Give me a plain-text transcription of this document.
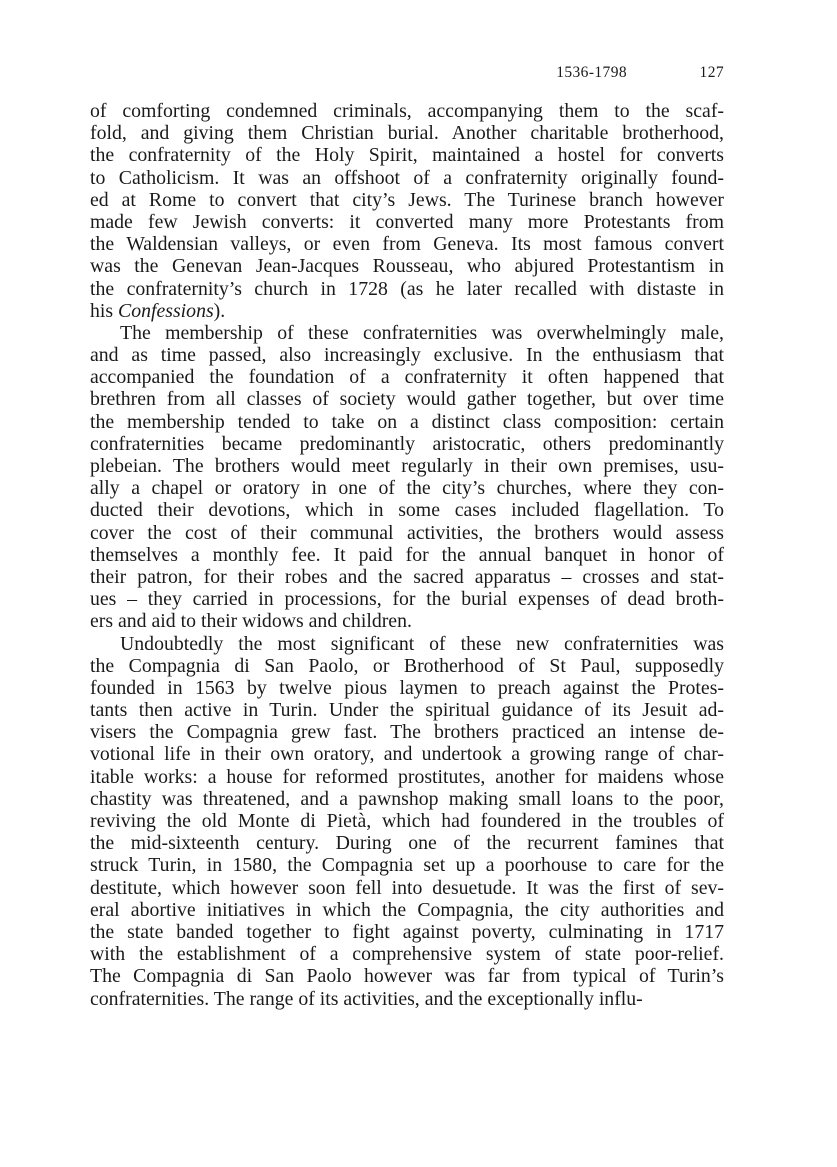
1536-1798	127
of comforting condemned criminals, accompanying them to the scaf-
fold, and giving them Christian burial. Another charitable brotherhood,
the confraternity of the Holy Spirit, maintained a hostel for converts
to Catholicism. It was an offshoot of a confraternity originally found-
ed at Rome to convert that city’s Jews. The Turinese branch however
made few Jewish converts: it converted many more Protestants from
the Waldensian valleys, or even from Geneva. Its most famous convert
was the Genevan Jean-Jacques Rousseau, who abjured Protestantism in
the confraternity’s church in 1728 (as he later recalled with distaste in
his Confessions).
The membership of these confraternities was overwhelmingly male,
and as time passed, also increasingly exclusive. In the enthusiasm that
accompanied the foundation of a confraternity it often happened that
brethren from all classes of society would gather together, but over time
the membership tended to take on a distinct class composition: certain
confraternities became predominantly aristocratic, others predominantly
plebeian. The brothers would meet regularly in their own premises, usu-
ally a chapel or oratory in one of the city’s churches, where they con-
ducted their devotions, which in some cases included flagellation. To
cover the cost of their communal activities, the brothers would assess
themselves a monthly fee. It paid for the annual banquet in honor of
their patron, for their robes and the sacred apparatus – crosses and stat-
ues – they carried in processions, for the burial expenses of dead broth-
ers and aid to their widows and children.
Undoubtedly the most significant of these new confraternities was
the Compagnia di San Paolo, or Brotherhood of St Paul, supposedly
founded in 1563 by twelve pious laymen to preach against the Protes-
tants then active in Turin. Under the spiritual guidance of its Jesuit ad-
visers the Compagnia grew fast. The brothers practiced an intense de-
votional life in their own oratory, and undertook a growing range of char-
itable works: a house for reformed prostitutes, another for maidens whose
chastity was threatened, and a pawnshop making small loans to the poor,
reviving the old Monte di Pietà, which had foundered in the troubles of
the mid-sixteenth century. During one of the recurrent famines that
struck Turin, in 1580, the Compagnia set up a poorhouse to care for the
destitute, which however soon fell into desuetude. It was the first of sev-
eral abortive initiatives in which the Compagnia, the city authorities and
the state banded together to fight against poverty, culminating in 1717
with the establishment of a comprehensive system of state poor-relief.
The Compagnia di San Paolo however was far from typical of Turin’s
confraternities. The range of its activities, and the exceptionally influ-
